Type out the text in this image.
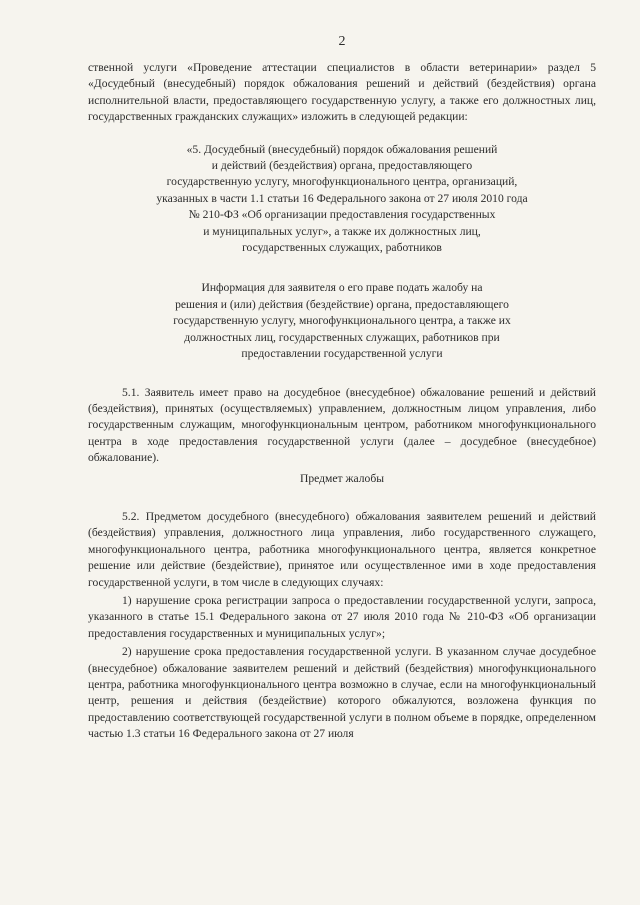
2

ственной услуги «Проведение аттестации специалистов в области ветеринарии» раздел 5 «Досудебный (внесудебный) порядок обжалования решений и действий (бездействия) органа исполнительной власти, предоставляющего государственную услугу, а также его должностных лиц, государственных гражданских служащих» изложить в следующей редакции:

«5. Досудебный (внесудебный) порядок обжалования решений

и действий (бездействия) органа, предоставляющего

государственную услугу, многофункционального центра, организаций,

указанных в части 1.1 статьи 16 Федерального закона от 27 июля 2010 года

№ 210-ФЗ «Об организации предоставления государственных

и муниципальных услуг», а также их должностных лиц,

государственных служащих, работников

Информация для заявителя о его праве подать жалобу на

решения и (или) действия (бездействие) органа, предоставляющего

государственную услугу, многофункционального центра, а также их

должностных лиц, государственных служащих, работников при

предоставлении государственной услуги

5.1. Заявитель имеет право на досудебное (внесудебное) обжалование решений и действий (бездействия), принятых (осуществляемых) управлением, должностным лицом управления, либо государственным служащим, многофункциональным центром, работником многофункционального центра в ходе предоставления государственной услуги (далее – досудебное (внесудебное) обжалование).

Предмет жалобы

5.2. Предметом досудебного (внесудебного) обжалования заявителем решений и действий (бездействия) управления, должностного лица управления, либо государственного служащего, многофункционального центра, работника многофункционального центра, является конкретное решение или действие (бездействие), принятое или осуществленное ими в ходе предоставления государственной услуги, в том числе в следующих случаях:

1) нарушение срока регистрации запроса о предоставлении государственной услуги, запроса, указанного в статье 15.1 Федерального закона от 27 июля 2010 года № 210-ФЗ «Об организации предоставления государственных и муниципальных услуг»;

2) нарушение срока предоставления государственной услуги. В указанном случае досудебное (внесудебное) обжалование заявителем решений и действий (бездействия) многофункционального центра, работника многофункционального центра возможно в случае, если на многофункциональный центр, решения и действия (бездействие) которого обжалуются, возложена функция по предоставлению соответствующей государственной услуги в полном объеме в порядке, определенном частью 1.3 статьи 16 Федерального закона от 27 июля
